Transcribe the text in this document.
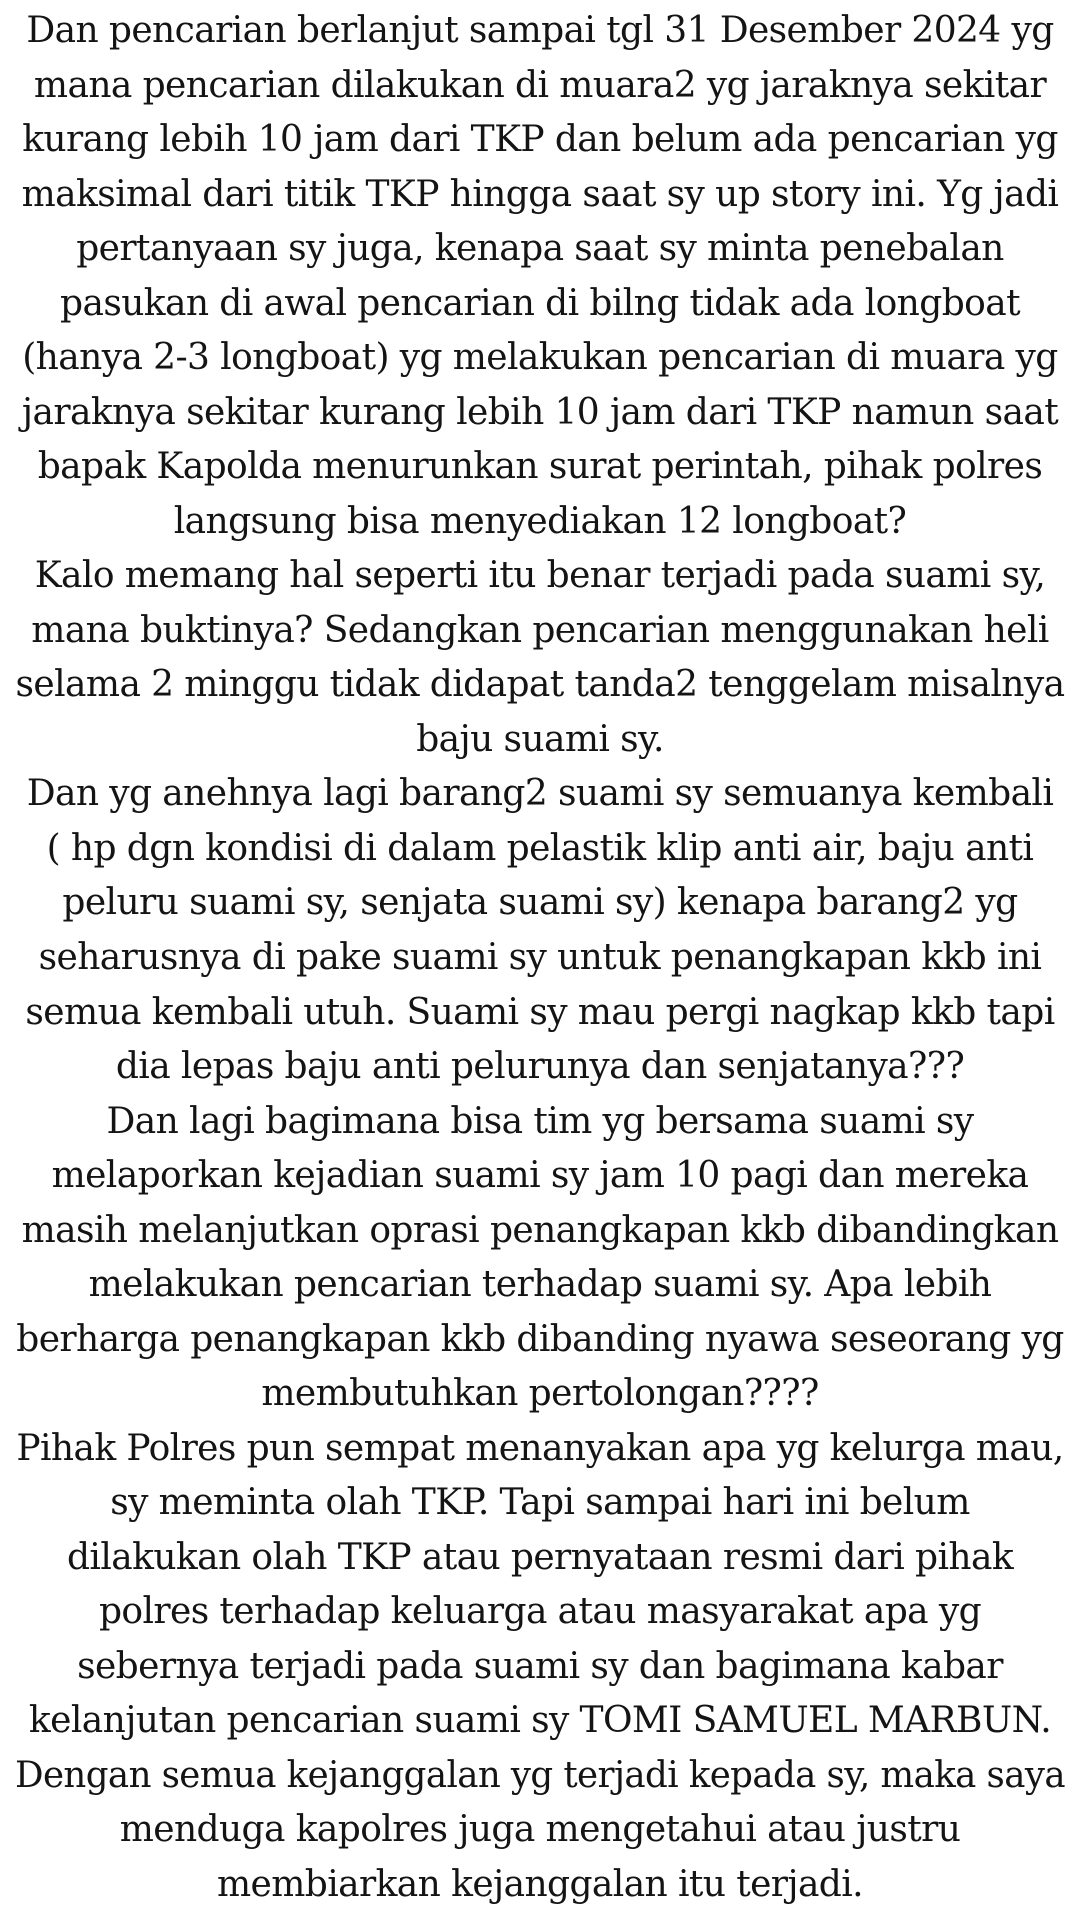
Dan pencarian berlanjut sampai tgl 31 Desember 2024 yg
mana pencarian dilakukan di muara2 yg jaraknya sekitar
kurang lebih 10 jam dari TKP dan belum ada pencarian yg
maksimal dari titik TKP hingga saat sy up story ini. Yg jadi
pertanyaan sy juga, kenapa saat sy minta penebalan
pasukan di awal pencarian di bilng tidak ada longboat
(hanya 2-3 longboat) yg melakukan pencarian di muara yg
jaraknya sekitar kurang lebih 10 jam dari TKP namun saat
bapak Kapolda menurunkan surat perintah, pihak polres
langsung bisa menyediakan 12 longboat?
Kalo memang hal seperti itu benar terjadi pada suami sy,
mana buktinya? Sedangkan pencarian menggunakan heli
selama 2 minggu tidak didapat tanda2 tenggelam misalnya
baju suami sy.
Dan yg anehnya lagi barang2 suami sy semuanya kembali
( hp dgn kondisi di dalam pelastik klip anti air, baju anti
peluru suami sy, senjata suami sy) kenapa barang2 yg
seharusnya di pake suami sy untuk penangkapan kkb ini
semua kembali utuh. Suami sy mau pergi nagkap kkb tapi
dia lepas baju anti pelurunya dan senjatanya???
Dan lagi bagimana bisa tim yg bersama suami sy
melaporkan kejadian suami sy jam 10 pagi dan mereka
masih melanjutkan oprasi penangkapan kkb dibandingkan
melakukan pencarian terhadap suami sy. Apa lebih
berharga penangkapan kkb dibanding nyawa seseorang yg
membutuhkan pertolongan????
Pihak Polres pun sempat menanyakan apa yg kelurga mau,
sy meminta olah TKP. Tapi sampai hari ini belum
dilakukan olah TKP atau pernyataan resmi dari pihak
polres terhadap keluarga atau masyarakat apa yg
sebernya terjadi pada suami sy dan bagimana kabar
kelanjutan pencarian suami sy TOMI SAMUEL MARBUN.
Dengan semua kejanggalan yg terjadi kepada sy, maka saya
menduga kapolres juga mengetahui atau justru
membiarkan kejanggalan itu terjadi.
